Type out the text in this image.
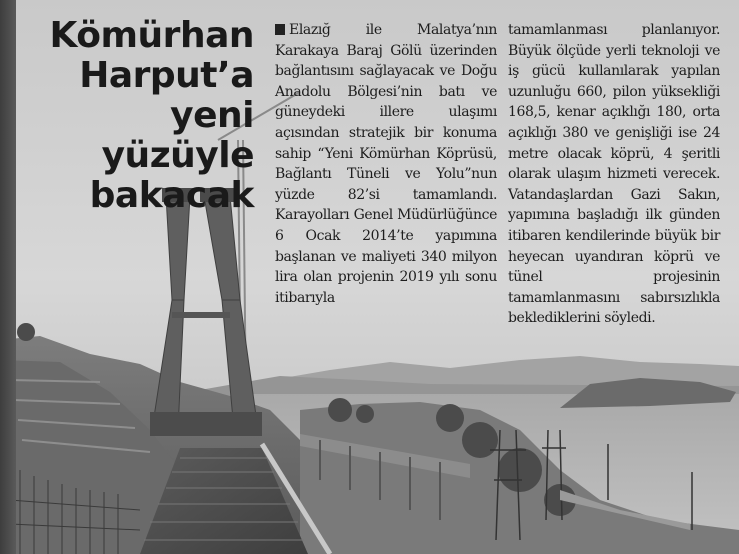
Kömürhan
Harput’a
yeni yüzüyle
bakacak

Elazığ ile Malatya’nın Karakaya Baraj Gölü üzerinden bağlantısını sağlayacak ve Doğu Anadolu Bölgesi’nin batı ve güneydeki illere ulaşımı açısından stratejik bir konuma sahip “Yeni Kömürhan Köprüsü, Bağlantı Tüneli ve Yolu”nun yüzde 82’si tamamlandı. Karayolları Genel Müdürlüğünce 6 Ocak 2014’te yapımına başlanan ve maliyeti 340 milyon lira olan projenin 2019 yılı sonu itibarıyla

tamamlanması planlanıyor. Büyük ölçüde yerli teknoloji ve iş gücü kullanılarak yapılan uzunluğu 660, pilon yüksekliği 168,5, kenar açıklığı 180, orta açıklığı 380 ve genişliği ise 24 metre olacak köprü, 4 şeritli olarak ulaşım hizmeti verecek. Vatandaşlardan Gazi Sakın, yapımına başladığı ilk günden itibaren kendilerinde büyük bir heyecan uyandıran köprü ve tünel projesinin tamamlanmasını sabırsızlıkla beklediklerini söyledi.
